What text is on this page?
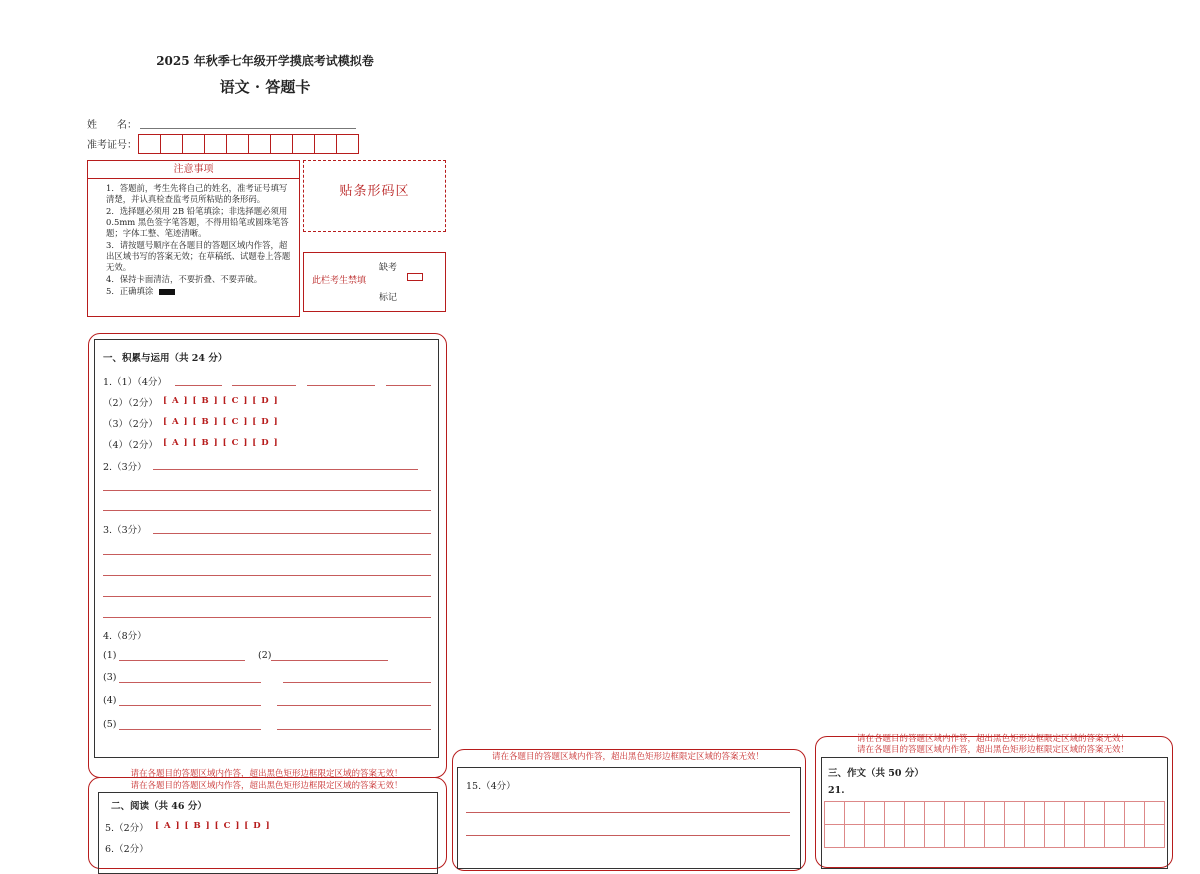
2025 年秋季七年级开学摸底考试模拟卷
语文 · 答题卡
姓　　名：
准考证号：
注意事项
1．答题前，考生先将自己的姓名，准考证号填写清楚，并认真检查监考员所粘贴的条形码。
2．选择题必须用 2B 铅笔填涂；非选择题必须用 0.5mm 黑色签字笔答题，不得用铅笔或圆珠笔答题；字体工整、笔迹清晰。
3．请按题号顺序在各题目的答题区域内作答，超出区域书写的答案无效；在草稿纸、试题卷上答题无效。
4．保持卡面清洁，不要折叠、不要弄破。
5．正确填涂
贴条形码区
此栏考生禁填
缺考
标记
一、积累与运用（共 24 分）
1.（1）（4分）
（2）（2分） [ A ] [ B ] [ C ] [ D ]
（3）（2分） [ A ] [ B ] [ C ] [ D ]
（4）（2分） [ A ] [ B ] [ C ] [ D ]
2.（3分）
3.（3分）
4.（8分）
(1)	(2)
(3)
(4)
(5)
请在各题目的答题区域内作答，超出黑色矩形边框限定区域的答案无效！
请在各题目的答题区域内作答，超出黑色矩形边框限定区域的答案无效！
二、阅读（共 46 分）
5.（2分） [ A ] [ B ] [ C ] [ D ]
6.（2分）
请在各题目的答题区域内作答，超出黑色矩形边框限定区域的答案无效！
15.（4分）
请在各题目的答题区域内作答，超出黑色矩形边框限定区域的答案无效！
请在各题目的答题区域内作答，超出黑色矩形边框限定区域的答案无效！
三、作文（共 50 分）
21.
